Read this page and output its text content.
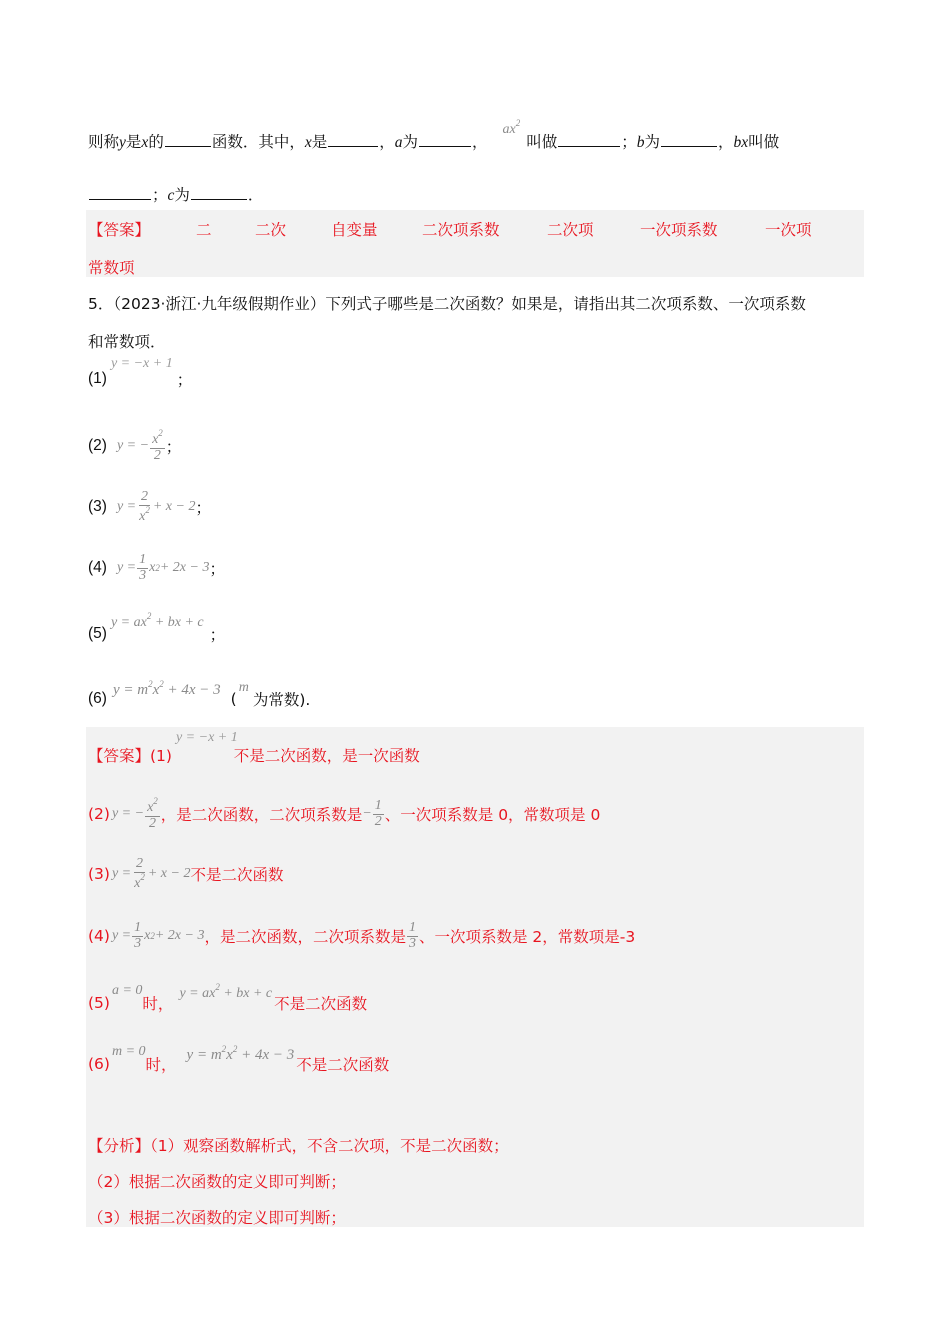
则称y是x的	函数．其中，x是	，a为	， $ax^2$叫做	；b为	，bx叫做
；c为	．
【答案】	二	二次	自变量	二次项系数	二次项	一次项系数	一次项
常数项
5．（2023·浙江·九年级假期作业）下列式子哪些是二次函数？如果是，请指出其二次项系数、一次项系数
和常数项．
(1)
y = −x + 1
；
(2) y = − $\frac{x^2}{2}$ ；
(3) $y = \frac{2}{x^2} + x - 2$ ；
(4) $y = \frac{1}{3}$ x 2 + 2x − 3 ；
(5)
$y = ax^2$ + bx + c
；
(6) $y = m^2x^2 + 4x - 3$ (
m
为常数).
【答案】(1)
y = −x + 1
不是二次函数，是一次函数
(2) y = − $\frac{x^2}{2}$ ，是二次函数，二次项系数是 − $\frac{1}{2}$ 、一次项系数是 0，常数项是 0
(3) $y = \frac{2}{x^2} + x - 2$ 不是二次函数
(4) $y = \frac{1}{3}$ x 2 + 2x − 3 ，是二次函数，二次项系数是 $\frac{1}{3}$ 、一次项系数是 2，常数项是-3
(5)
a = 0
时，
$y = ax^2$ + bx + c
不是二次函数
(6)
m = 0
时，
$y = m^2x^2 + 4x - 3$
不是二次函数
【分析】（1）观察函数解析式，不含二次项，不是二次函数；
（2）根据二次函数的定义即可判断；
（3）根据二次函数的定义即可判断；
